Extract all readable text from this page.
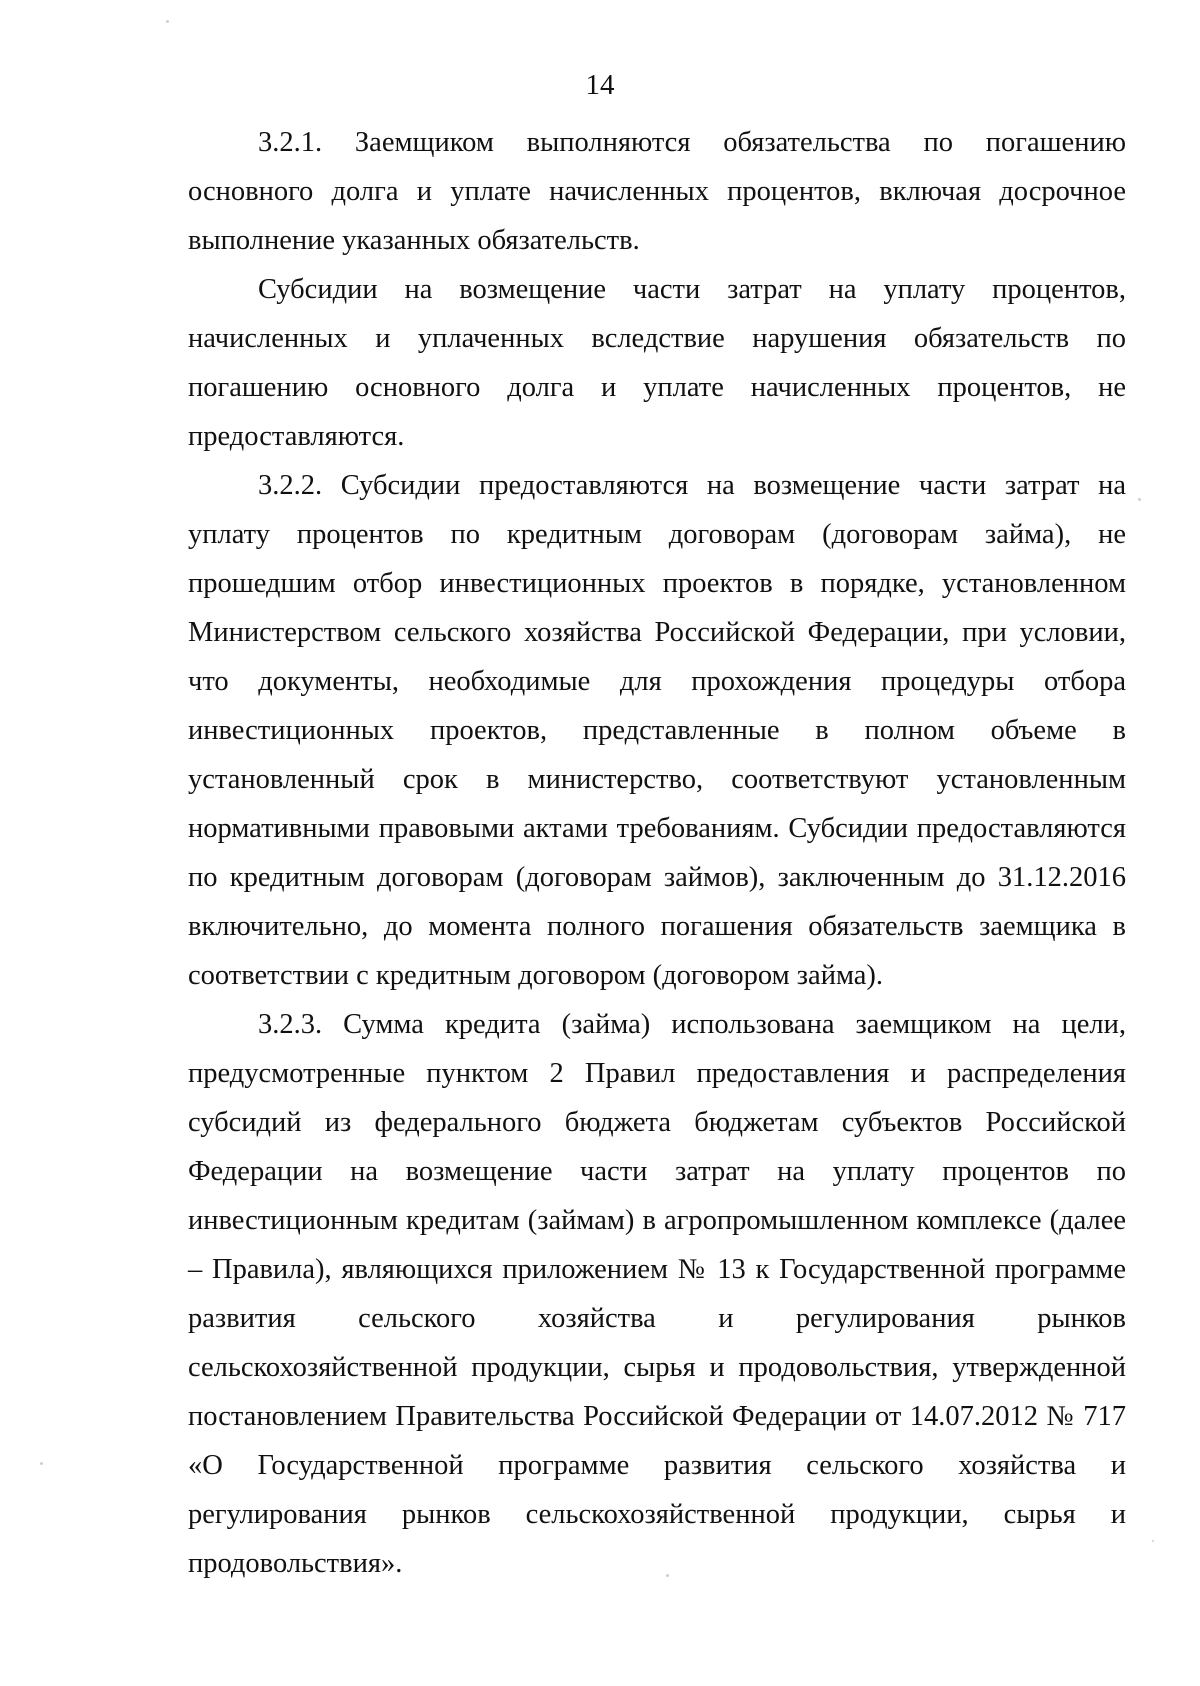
14

3.2.1. Заемщиком выполняются обязательства по погашению основного долга и уплате начисленных процентов, включая досрочное выполнение указанных обязательств.

Субсидии на возмещение части затрат на уплату процентов, начисленных и уплаченных вследствие нарушения обязательств по погашению основного долга и уплате начисленных процентов, не предоставляются.

3.2.2. Субсидии предоставляются на возмещение части затрат на уплату процентов по кредитным договорам (договорам займа), не прошедшим отбор инвестиционных проектов в порядке, установленном Министерством сельского хозяйства Российской Федерации, при условии, что документы, необходимые для прохождения процедуры отбора инвестиционных проектов, представленные в полном объеме в установленный срок в министерство, соответствуют установленным нормативными правовыми актами требованиям. Субсидии предоставляются по кредитным договорам (договорам займов), заключенным до 31.12.2016 включительно, до момента полного погашения обязательств заемщика в соответствии с кредитным договором (договором займа).

3.2.3. Сумма кредита (займа) использована заемщиком на цели, предусмотренные пунктом 2 Правил предоставления и распределения субсидий из федерального бюджета бюджетам субъектов Российской Федерации на возмещение части затрат на уплату процентов по инвестиционным кредитам (займам) в агропромышленном комплексе (далее – Правила), являющихся приложением № 13 к Государственной программе развития сельского хозяйства и регулирования рынков сельскохозяйственной продукции, сырья и продовольствия, утвержденной постановлением Правительства Российской Федерации от 14.07.2012 № 717 «О Государственной программе развития сельского хозяйства и регулирования рынков сельскохозяйственной продукции, сырья и продовольствия».
